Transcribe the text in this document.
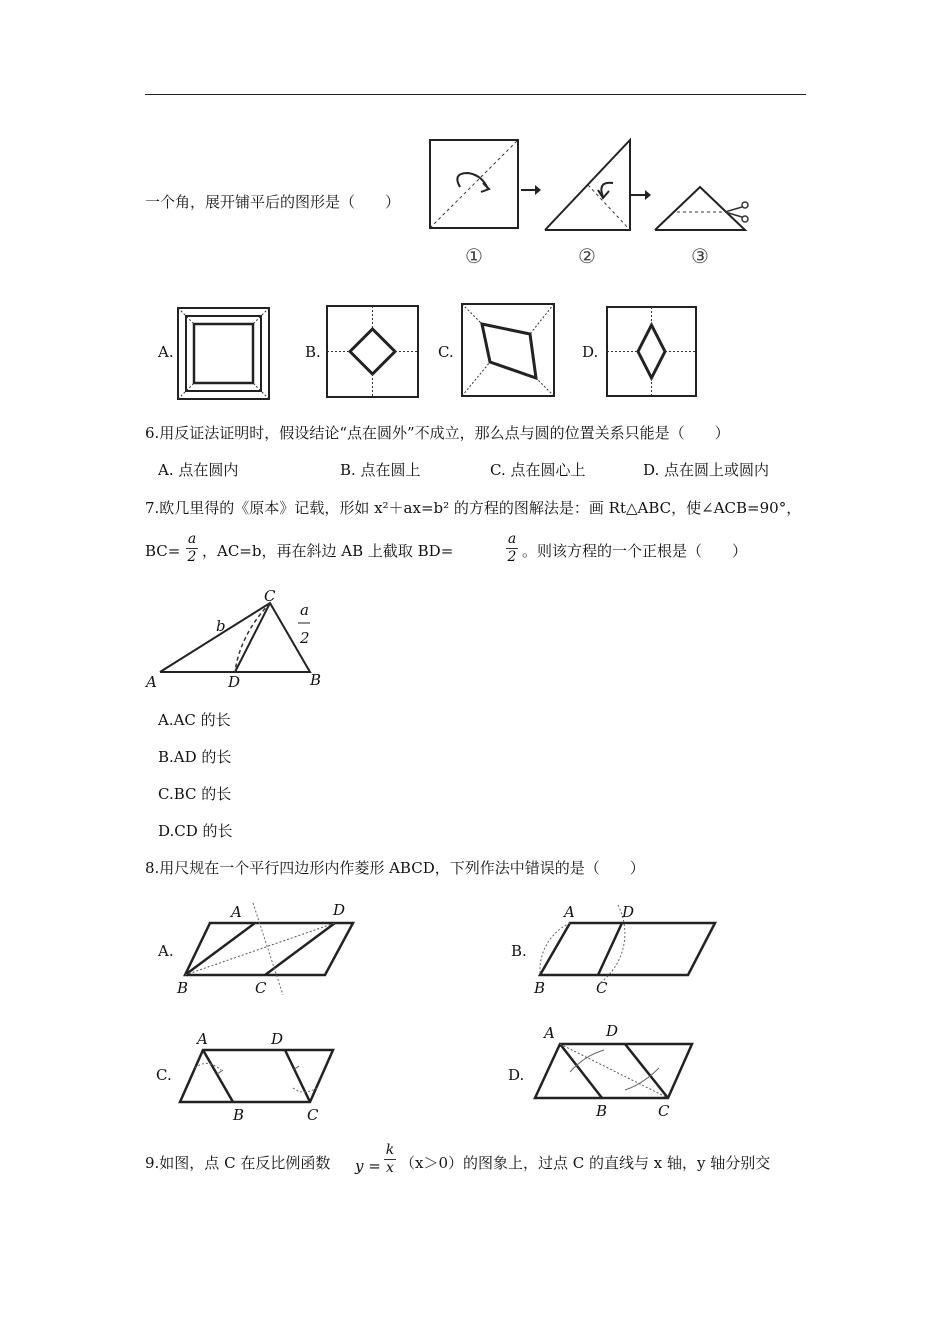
一个角，展开铺平后的图形是（　　）
①	②	③
A.	B.	C.	D.
6.用反证法证明时，假设结论“点在圆外”不成立，那么点与圆的位置关系只能是（　　）
A. 点在圆内	B. 点在圆上	C. 点在圆心上	D. 点在圆上或圆内
7.欧几里得的《原本》记载，形如 x²＋ax=b² 的方程的图解法是：画 Rt△ABC，使∠ACB=90°，
BC=
a
2 ，AC=b，再在斜边 AB 上截取 BD=
a
2 。则该方程的一个正根是（　　）
A	B
C
D
b
a
2
A.AC 的长
B.AD 的长
C.BC 的长
D.CD 的长
8.用尺规在一个平行四边形内作菱形 ABCD，下列作法中错误的是（　　）
A.
A	D
B	C
B.
A	D
B	C
C.
A	D
B	C
D.
A	D
B	C
9.如图，点 C 在反比例函数 y =
k
x （x＞0）的图象上，过点 C 的直线与 x 轴，y 轴分别交
